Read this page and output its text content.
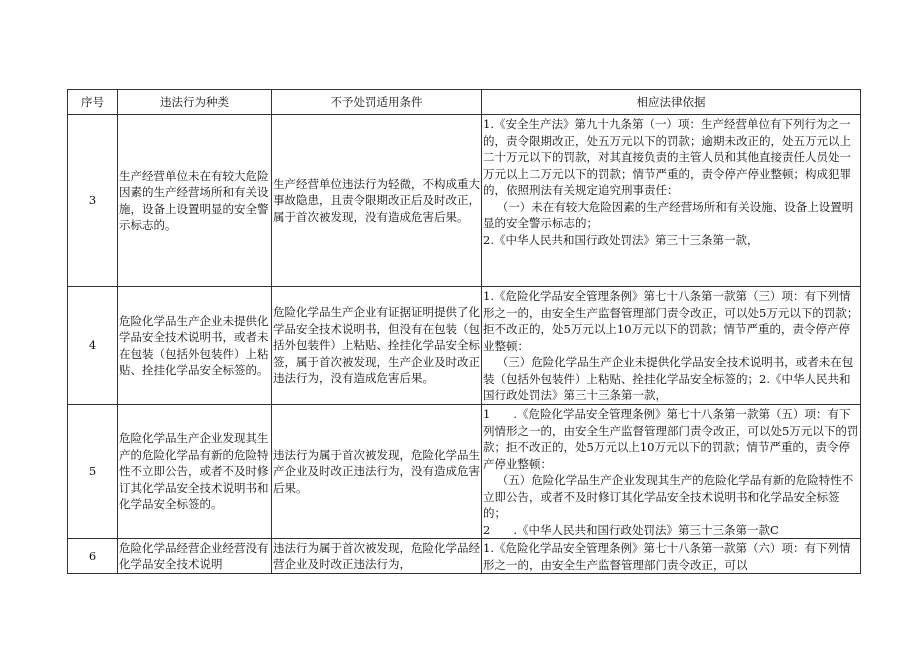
序号	违法行为种类	不予处罚适用条件	相应法律依据
3	生产经营单位未在有较大危险因素的生产经营场所和有关设施，设备上设置明显的安全警示标志的。	生产经营单位违法行为轻微，不构成重大事故隐患，且责令限期改正后及时改正，属于首次被发现，没有造成危害后果。	1.《安全生产法》第九十九条第（一）项：生产经营单位有下列行为之一的，责令限期改正，处五万元以下的罚款；逾期未改正的，处五万元以上二十万元以下的罚款，对其直接负责的主管人员和其他直接责任人员处一万元以上二万元以下的罚款；情节严重的，责令停产停业整顿；构成犯罪的，依照刑法有关规定追究刑事责任：

（一）未在有较大危险因素的生产经营场所和有关设施、设备上设置明显的安全警示标志的；

2.《中华人民共和国行政处罚法》第三十三条第一款，

4	危险化学品生产企业未提供化学品安全技术说明书，或者未在包装（包括外包装件）上粘贴、拴挂化学品安全标签的。	危险化学品生产企业有证据证明提供了化学品安全技术说明书，但没有在包装（包括外包装件）上粘贴、拴挂化学品安全标签，属于首次被发现，生产企业及时改正违法行为，没有造成危害后果。	1.《危险化学品安全管理条例》第七十八条第一款第（三）项：有下列情形之一的，由安全生产监督管理部门责令改正，可以处5万元以下的罚款；拒不改正的，处5万元以上10万元以下的罚款；情节严重的，责令停产停业整顿：

（三）危险化学品生产企业未提供化学品安全技术说明书，或者未在包装（包括外包装件）上粘贴、拴挂化学品安全标签的；2.《中华人民共和国行政处罚法》第三十三条第一款，

5	危险化学品生产企业发现其生产的危险化学品有新的危险特性不立即公告，或者不及时修订其化学品安全技术说明书和化学品安全标签的。	违法行为属于首次被发现，危险化学品生产企业及时改正违法行为，没有造成危害后果。	1　　.《危险化学品安全管理条例》第七十八条第一款第（五）项：有下列情形之一的，由安全生产监督管理部门责令改正，可以处5万元以下的罚款；拒不改正的，处5万元以上10万元以下的罚款；情节严重的，责令停产停业整顿：

（五）危险化学品生产企业发现其生产的危险化学品有新的危险特性不立即公告，或者不及时修订其化学品安全技术说明书和化学品安全标签的；

2　　.《中华人民共和国行政处罚法》第三十三条第一款C

6	危险化学品经营企业经营没有化学品安全技术说明	违法行为属于首次被发现，危险化学品经营企业及时改正违法行为，	1.《危险化学品安全管理条例》第七十八条第一款第（六）项：有下列情形之一的，由安全生产监督管理部门责令改正，可以
